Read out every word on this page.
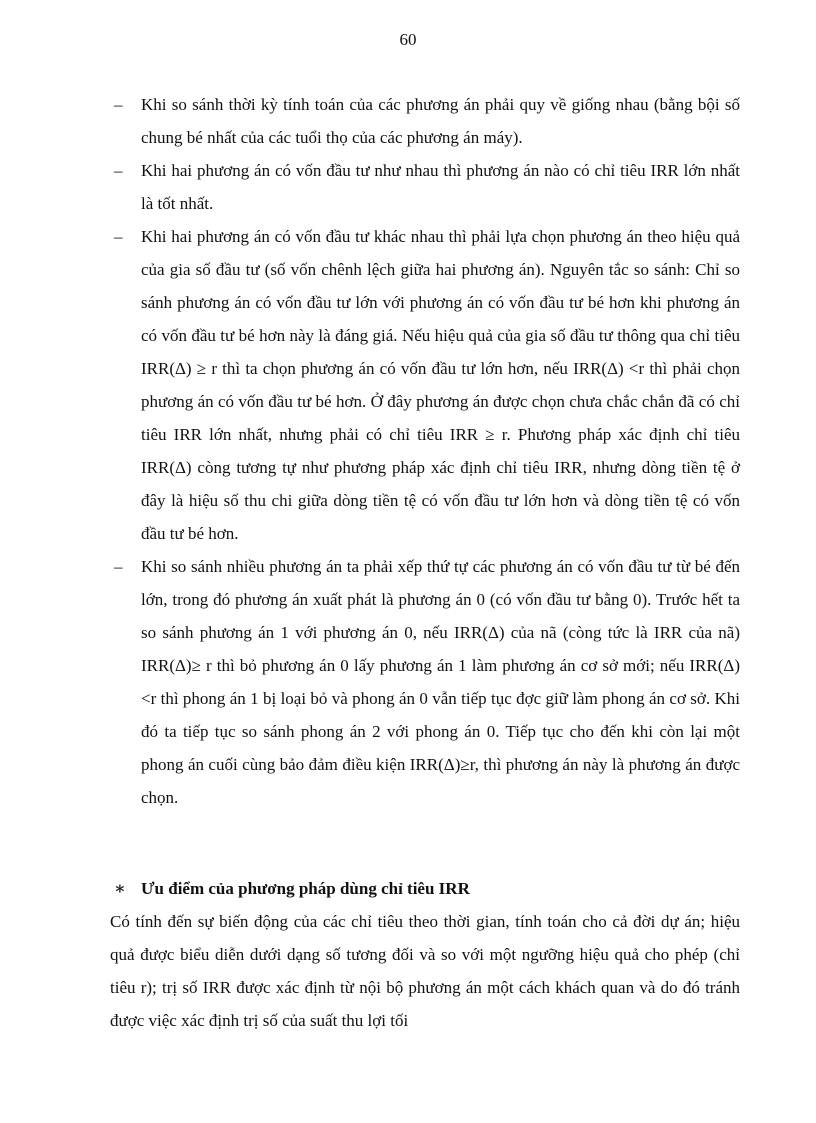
60
– Khi so sánh thời kỳ tính toán của các phương án phải quy về giống nhau (bằng bội số chung bé nhất của các tuổi thọ của các phương án máy).
– Khi hai phương án có vốn đầu tư như nhau thì phương án nào có chỉ tiêu IRR lớn nhất là tốt nhất.
– Khi hai phương án có vốn đầu tư khác nhau thì phải lựa chọn phương án theo hiệu quả của gia số đầu tư (số vốn chênh lệch giữa hai phương án). Nguyên tắc so sánh: Chỉ so sánh phương án có vốn đầu tư lớn với phương án có vốn đầu tư bé hơn khi phương án có vốn đầu tư bé hơn này là đáng giá. Nếu hiệu quả của gia số đầu tư thông qua chỉ tiêu IRR(Δ) ≥ r thì ta chọn phương án có vốn đầu tư lớn hơn, nếu IRR(Δ) <r thì phải chọn phương án có vốn đầu tư bé hơn. Ở đây phương án được chọn chưa chắc chắn đã có chỉ tiêu IRR lớn nhất, nhưng phải có chỉ tiêu IRR ≥ r. Phương pháp xác định chỉ tiêu IRR(Δ) còng tương tự như phương pháp xác định chỉ tiêu IRR, nhưng dòng tiền tệ ở đây là hiệu số thu chi giữa dòng tiền tệ có vốn đầu tư lớn hơn và dòng tiền tệ có vốn đầu tư bé hơn.
– Khi so sánh nhiều phương án ta phải xếp thứ tự các phương án có vốn đầu tư từ bé đến lớn, trong đó phương án xuất phát là phương án 0 (có vốn đầu tư bằng 0). Trước hết ta so sánh phương án 1 với phương án 0, nếu IRR(Δ) của nã (còng tức là IRR của nã) IRR(Δ)≥ r thì bỏ phương án 0 lấy phương án 1 làm phương án cơ sở mới; nếu IRR(Δ)<r thì phong án 1 bị loại bỏ và phong án 0 vẫn tiếp tục đợc giữ làm phong án cơ sở. Khi đó ta tiếp tục so sánh phong án 2 với phong án 0. Tiếp tục cho đến khi còn lại một phong án cuối cùng bảo đảm điều kiện IRR(Δ)≥r, thì phương án này là phương án được chọn.
∗ Ưu điểm của phương pháp dùng chỉ tiêu IRR

Có tính đến sự biến động của các chỉ tiêu theo thời gian, tính toán cho cả đời dự án; hiệu quả được biểu diễn dưới dạng số tương đối và so với một ngưỡng hiệu quả cho phép (chỉ tiêu r); trị số IRR được xác định từ nội bộ phương án một cách khách quan và do đó tránh được việc xác định trị số của suất thu lợi tối
